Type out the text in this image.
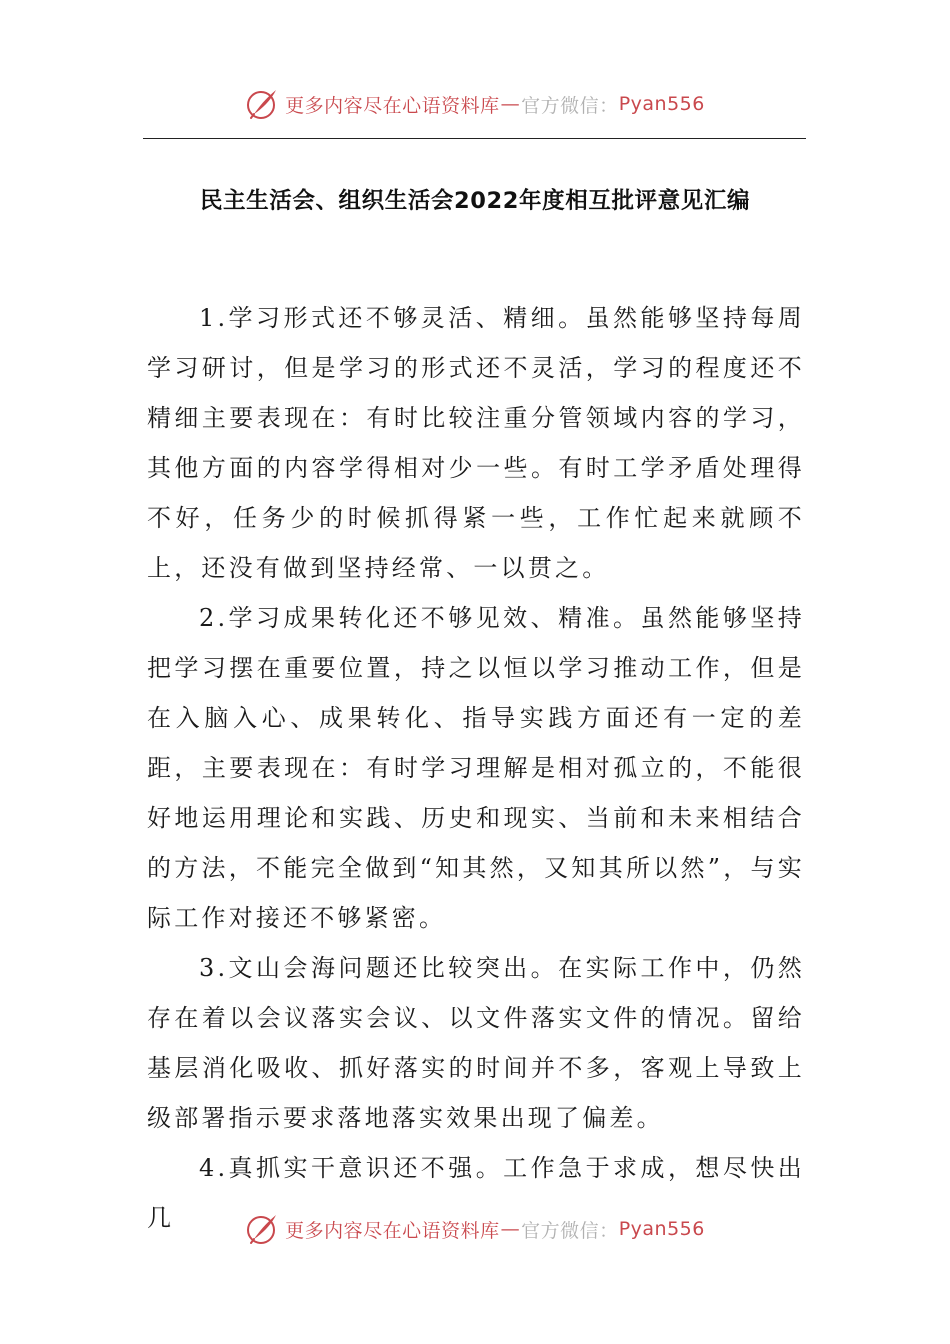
更多内容尽在心语资料库 — 官方微信： Pyan556
民主生活会、组织生活会2022年度相互批评意见汇编

1.学习形式还不够灵活、精细。虽然能够坚持每周学习研讨，但是学习的形式还不灵活，学习的程度还不精细主要表现在：有时比较注重分管领域内容的学习，其他方面的内容学得相对少一些。有时工学矛盾处理得不好，任务少的时候抓得紧一些，工作忙起来就顾不上，还没有做到坚持经常、一以贯之。

2.学习成果转化还不够见效、精准。虽然能够坚持把学习摆在重要位置，持之以恒以学习推动工作，但是在入脑入心、成果转化、指导实践方面还有一定的差距，主要表现在：有时学习理解是相对孤立的，不能很好地运用理论和实践、历史和现实、当前和未来相结合的方法，不能完全做到“知其然，又知其所以然”，与实际工作对接还不够紧密。

3.文山会海问题还比较突出。在实际工作中，仍然存在着以会议落实会议、以文件落实文件的情况。留给基层消化吸收、抓好落实的时间并不多，客观上导致上级部署指示要求落地落实效果出现了偏差。

4.真抓实干意识还不强。工作急于求成，想尽快出几	更多内容尽在心语资料库 — 官方微信： Pyan556
